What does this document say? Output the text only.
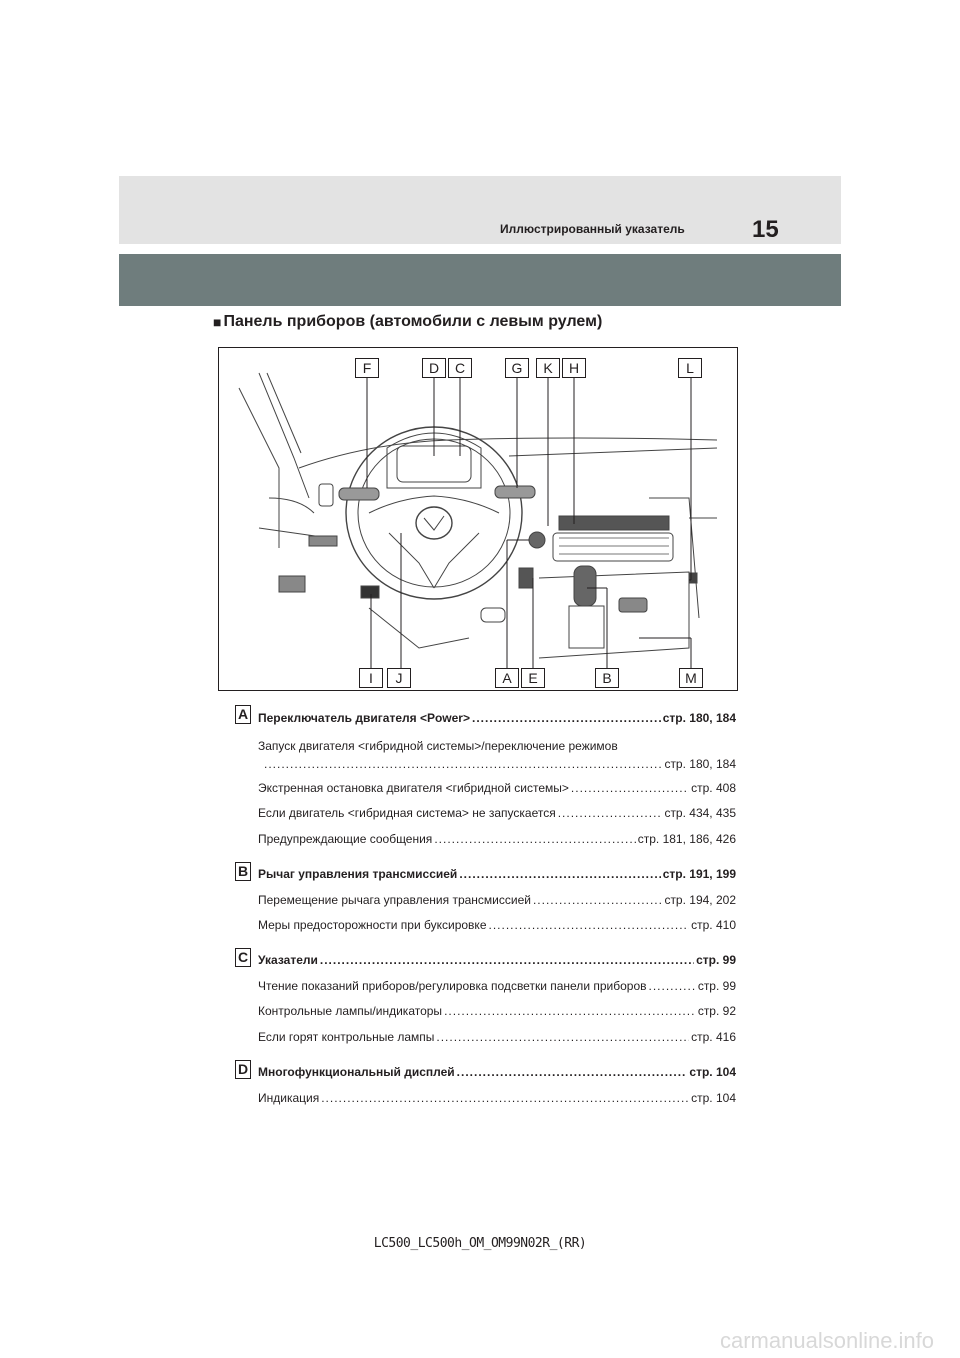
Иллюстрированный указатель	15
■ Панель приборов (автомобили с левым рулем)
F	D	C	G	K	H	L
I	J	A	E	B	M
A Переключатель двигателя <Power> .....	стр. 180, 184
Запуск двигателя <гибридной системы>/переключение режимов
.....
стр. 180, 184
Экстренная остановка двигателя <гибридной системы> .....	стр. 408
Если двигатель <гибридная система> не запускается .....	стр. 434, 435
Предупреждающие сообщения .....	стр. 181, 186, 426
B Рычаг управления трансмиссией .....	стр. 191, 199
Перемещение рычага управления трансмиссией .....	стр. 194, 202
Меры предосторожности при буксировке .....	стр. 410
C Указатели .....	стр. 99
Чтение показаний приборов/регулировка подсветки панели приборов .....	стр. 99
Контрольные лампы/индикаторы .....	стр. 92
Если горят контрольные лампы .....	стр. 416
D Многофункциональный дисплей .....	стр. 104
Индикация .....	стр. 104
LC500_LC500h_OM_OM99N02R_(RR)
carmanualsonline.info
